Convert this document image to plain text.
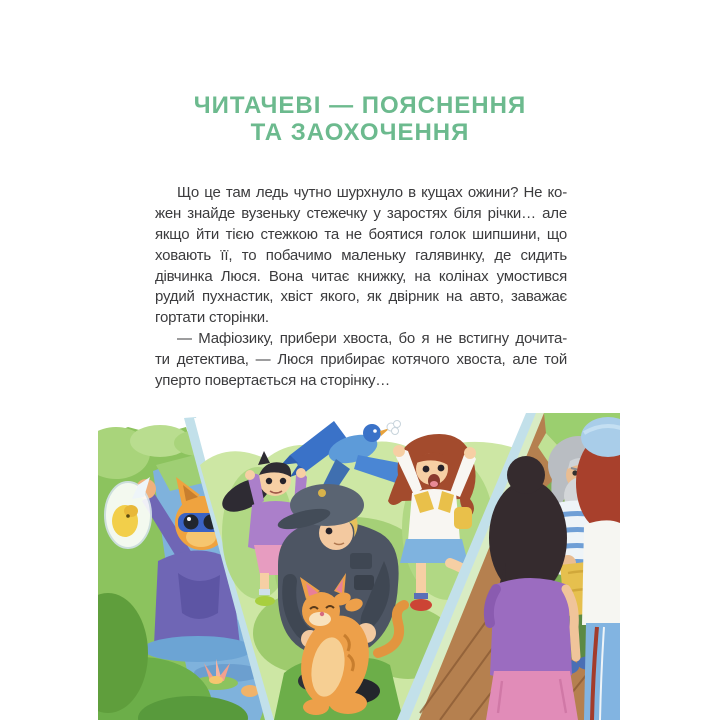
ЧИТАЧЕВІ — ПОЯСНЕННЯ
ТА ЗАОХОЧЕННЯ
Що це там ледь чутно шурхнуло в кущах ожини? Не ко-
жен знайде вузеньку стежечку у заростях біля річки… але
якщо йти тією стежкою та не боятися голок шипшини, що
ховають її, то побачимо маленьку галявинку, де сидить
дівчинка Люся. Вона читає книжку, на колінах умостився
рудий пухнастик, хвіст якого, як двірник на авто, заважає
гортати сторінки.
— Мафіозику, прибери хвоста, бо я не встигну дочита-
ти детектива, — Люся прибирає котячого хвоста, але той
уперто повертається на сторінку…
